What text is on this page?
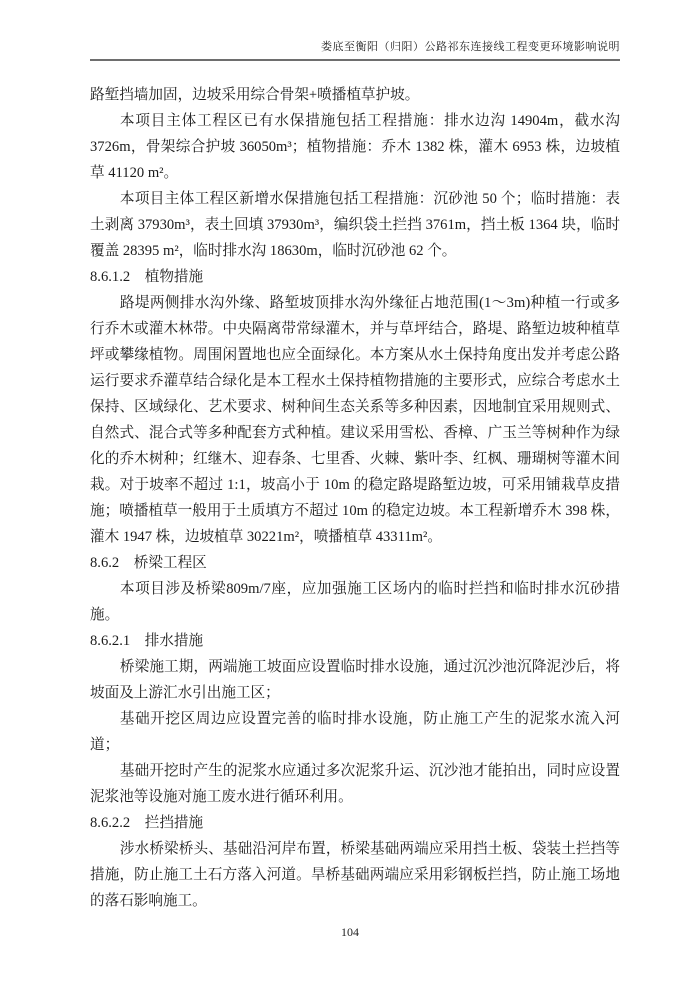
娄底至衡阳（归阳）公路祁东连接线工程变更环境影响说明
路堑挡墙加固，边坡采用综合骨架+喷播植草护坡。
本项目主体工程区已有水保措施包括工程措施：排水边沟 14904m，截水沟 3726m，骨架综合护坡 36050m³；植物措施：乔木 1382 株，灌木 6953 株，边坡植草 41120 m²。
本项目主体工程区新增水保措施包括工程措施：沉砂池 50 个；临时措施：表土剥离 37930m³，表土回填 37930m³，编织袋土拦挡 3761m，挡土板 1364 块，临时覆盖 28395 m²，临时排水沟 18630m，临时沉砂池 62 个。
8.6.1.2　植物措施
路堤两侧排水沟外缘、路堑坡顶排水沟外缘征占地范围(1～3m)种植一行或多行乔木或灌木林带。中央隔离带常绿灌木，并与草坪结合，路堤、路堑边坡种植草坪或攀缘植物。周围闲置地也应全面绿化。本方案从水土保持角度出发并考虑公路运行要求乔灌草结合绿化是本工程水土保持植物措施的主要形式，应综合考虑水土保持、区域绿化、艺术要求、树种间生态关系等多种因素，因地制宜采用规则式、自然式、混合式等多种配套方式种植。建议采用雪松、香樟、广玉兰等树种作为绿化的乔木树种；红继木、迎春条、七里香、火棘、紫叶李、红枫、珊瑚树等灌木间栽。对于坡率不超过 1:1，坡高小于 10m 的稳定路堤路堑边坡，可采用铺栽草皮措施；喷播植草一般用于土质填方不超过 10m 的稳定边坡。本工程新增乔木 398 株，灌木 1947 株，边坡植草 30221m²，喷播植草 43311m²。
8.6.2　桥梁工程区
本项目涉及桥梁809m/7座，应加强施工区场内的临时拦挡和临时排水沉砂措施。
8.6.2.1　排水措施
桥梁施工期，两端施工坡面应设置临时排水设施，通过沉沙池沉降泥沙后，将坡面及上游汇水引出施工区；
基础开挖区周边应设置完善的临时排水设施，防止施工产生的泥浆水流入河道；
基础开挖时产生的泥浆水应通过多次泥浆升运、沉沙池才能拍出，同时应设置泥浆池等设施对施工废水进行循环利用。
8.6.2.2　拦挡措施
涉水桥梁桥头、基础沿河岸布置，桥梁基础两端应采用挡土板、袋装土拦挡等措施，防止施工土石方落入河道。旱桥基础两端应采用彩钢板拦挡，防止施工场地的落石影响施工。
104
